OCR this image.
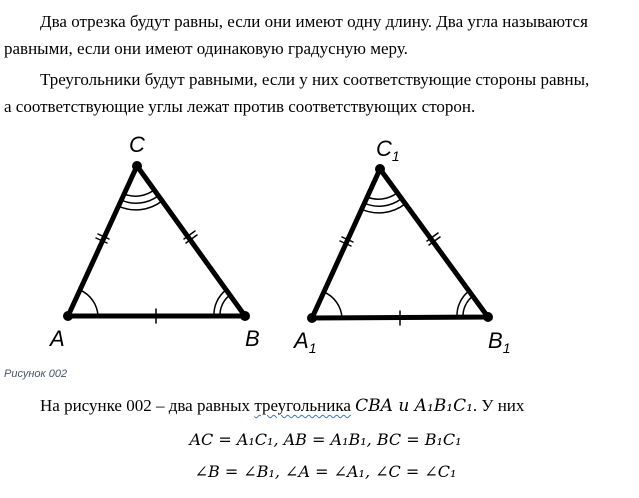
Два отрезка будут равны, если они имеют одну длину. Два угла называются
равными, если они имеют одинаковую градусную меру.

Треугольники будут равными, если у них соответствующие стороны равны,
а соответствующие углы лежат против соответствующих сторон.

A	B
C
$A_1$	$B_1$
$C_1$
Рисунок 002
На рисунке 002 – два равных треугольника CBA и A₁B₁C₁. У них
AC = A₁C₁, AB = A₁B₁, BC = B₁C₁
∠B = ∠B₁, ∠A = ∠A₁, ∠C = ∠C₁
